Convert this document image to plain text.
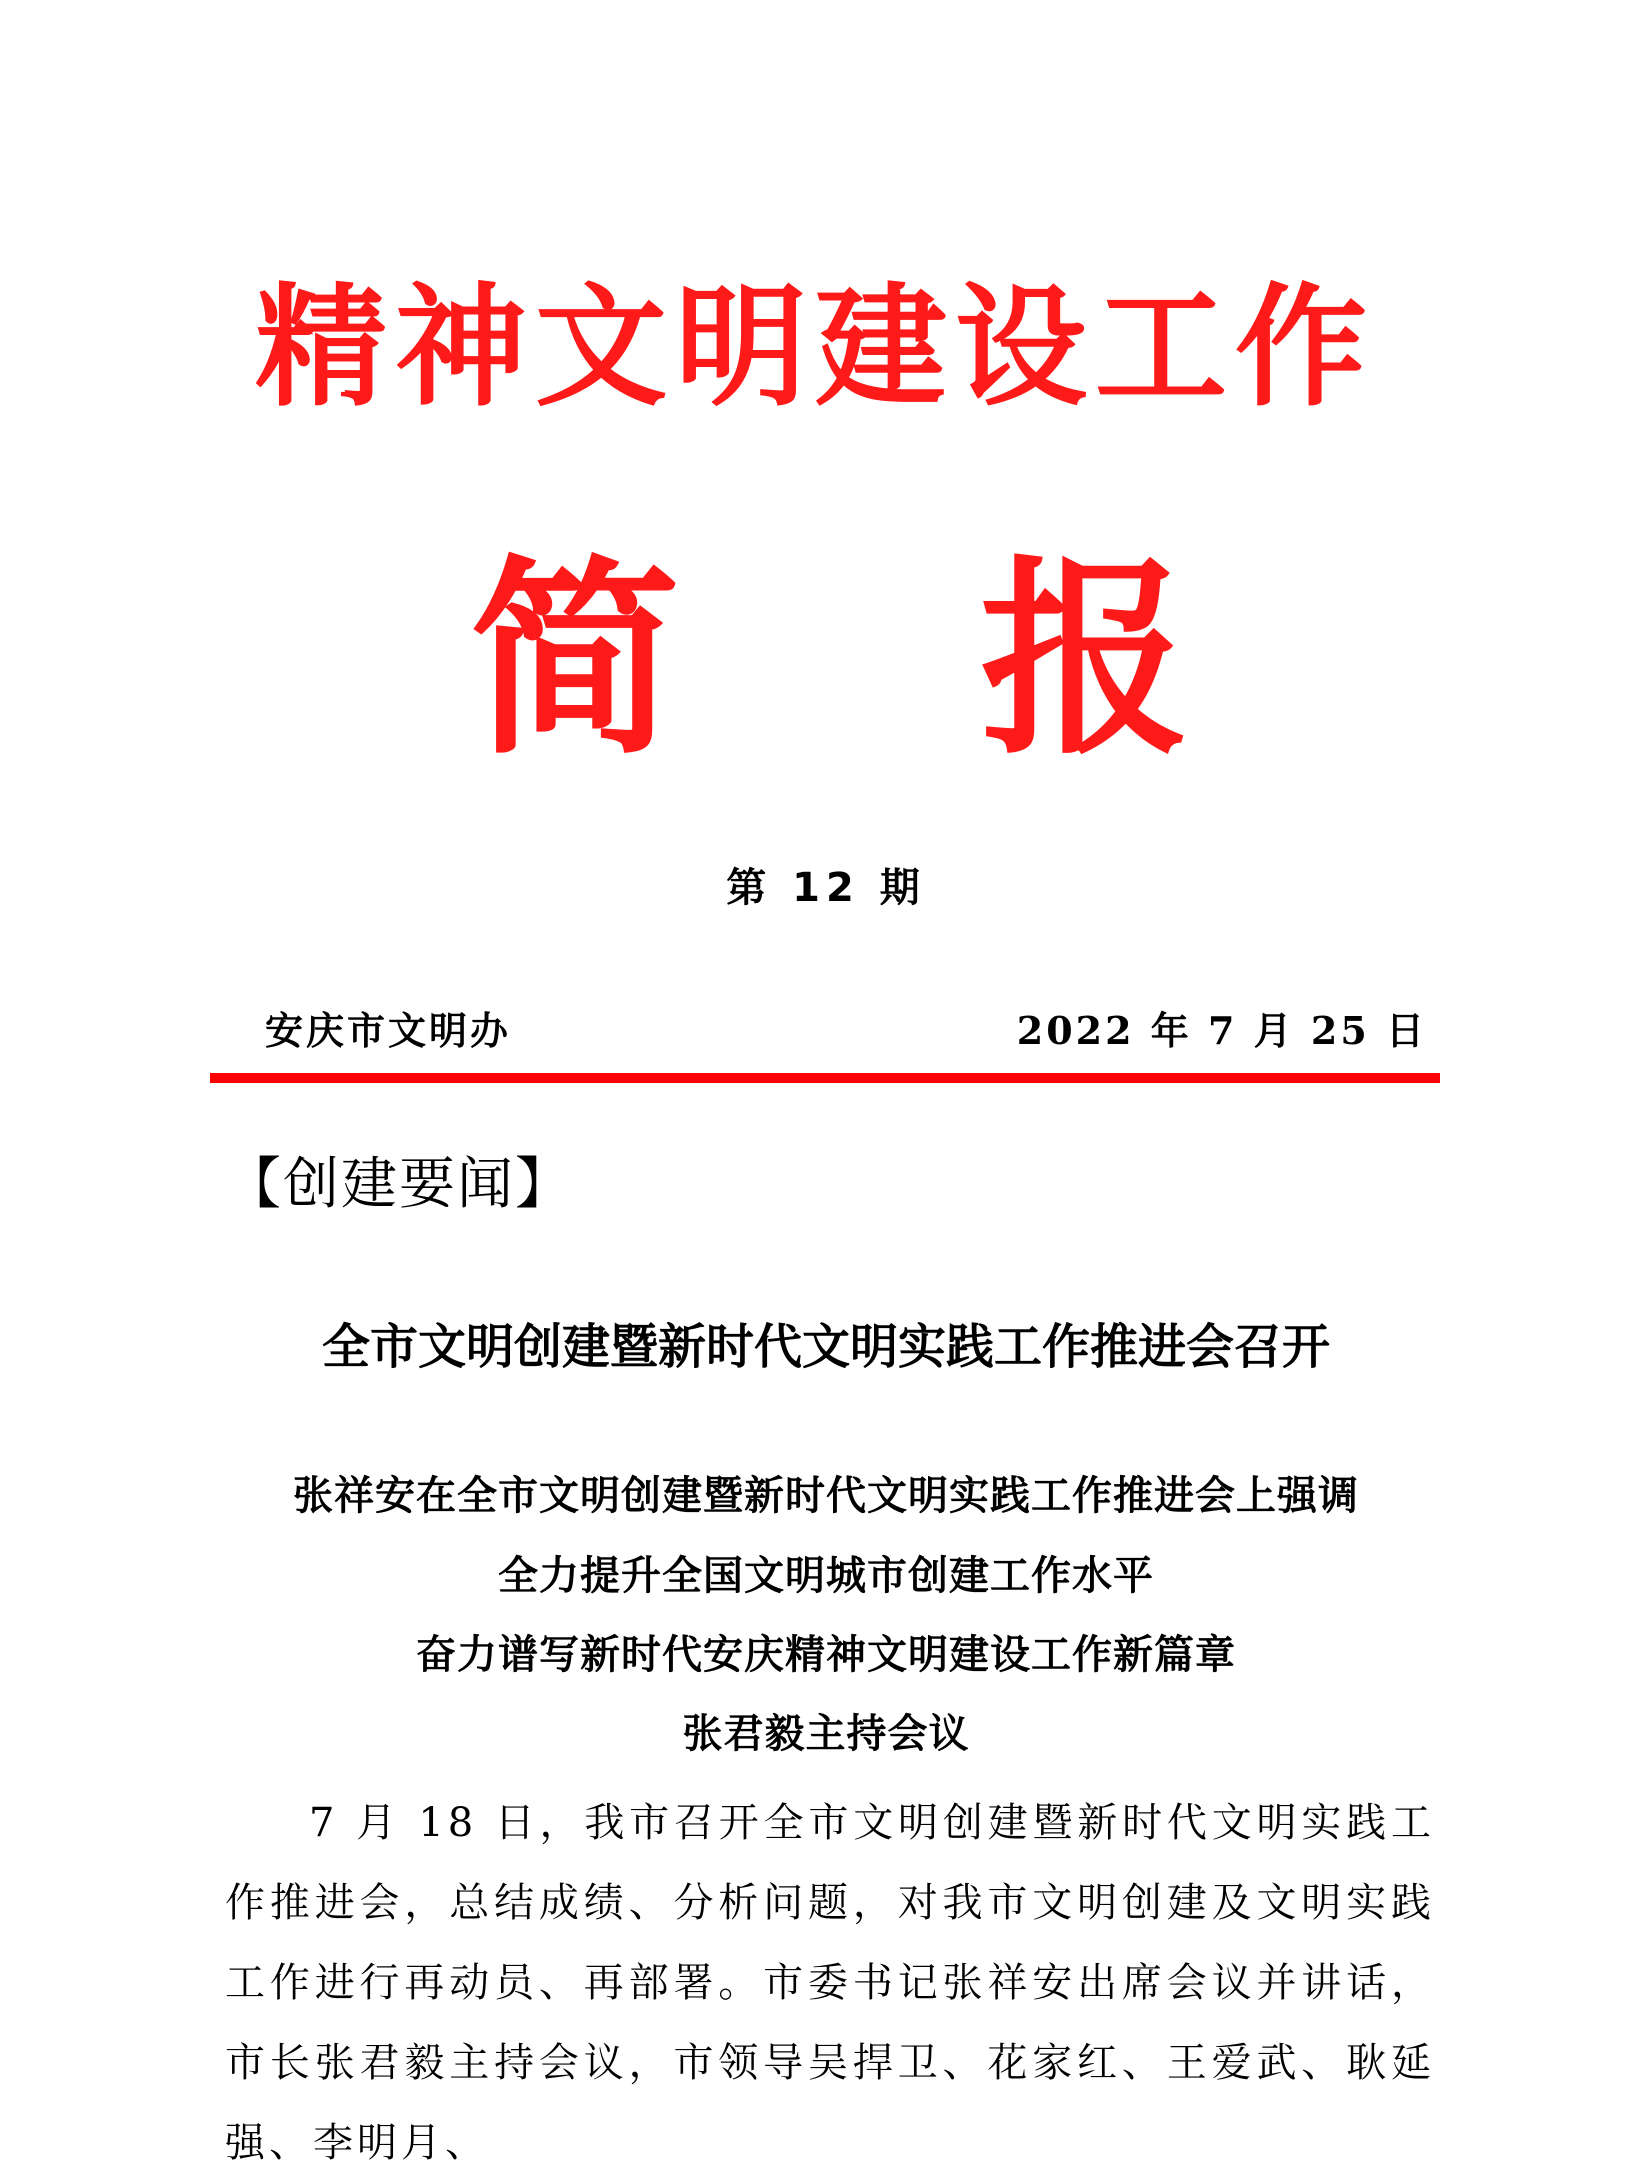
精神文明建设工作
简 报
第 12 期
安庆市文明办	2022 年 7 月 25 日
【创建要闻】
全市文明创建暨新时代文明实践工作推进会召开
张祥安在全市文明创建暨新时代文明实践工作推进会上强调
全力提升全国文明城市创建工作水平
奋力谱写新时代安庆精神文明建设工作新篇章
张君毅主持会议

7 月 18 日，我市召开全市文明创建暨新时代文明实践工作推进会，总结成绩、分析问题，对我市文明创建及文明实践工作进行再动员、再部署。市委书记张祥安出席会议并讲话，市长张君毅主持会议，市领导吴捍卫、花家红、王爱武、耿延强、李明月、
